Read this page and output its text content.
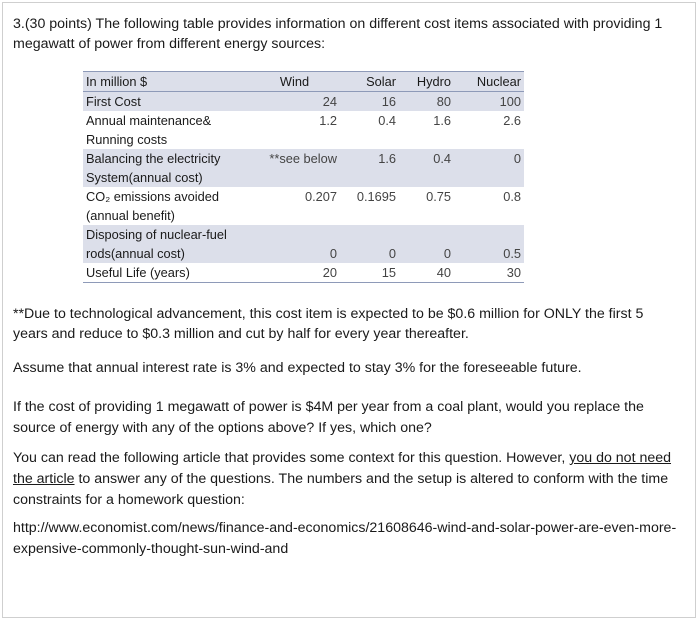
3.(30 points) The following table provides information on different cost items associated with providing 1 megawatt of power from different energy sources:
In million $	Wind	Solar	Hydro	Nuclear
First Cost	24	16	80	100
Annual maintenance& Running costs	1.2	0.4	1.6	2.6
Balancing the electricity System(annual cost)	**see below	1.6	0.4	0
CO₂ emissions avoided (annual benefit)	0.207	0.1695	0.75	0.8
Disposing of nuclear-fuel rods(annual cost)	0	0	0	0.5
Useful Life (years)	20	15	40	30
**Due to technological advancement, this cost item is expected to be $0.6 million for ONLY the first 5 years and reduce to $0.3 million and cut by half for every year thereafter.
Assume that annual interest rate is 3% and expected to stay 3% for the foreseeable future.
If the cost of providing 1 megawatt of power is $4M per year from a coal plant, would you replace the source of energy with any of the options above? If yes, which one?
You can read the following article that provides some context for this question. However, you do not need the article to answer any of the questions. The numbers and the setup is altered to conform with the time constraints for a homework question:
http://www.economist.com/news/finance-and-economics/21608646-wind-and-solar-power-are-even-more-expensive-commonly-thought-sun-wind-and
